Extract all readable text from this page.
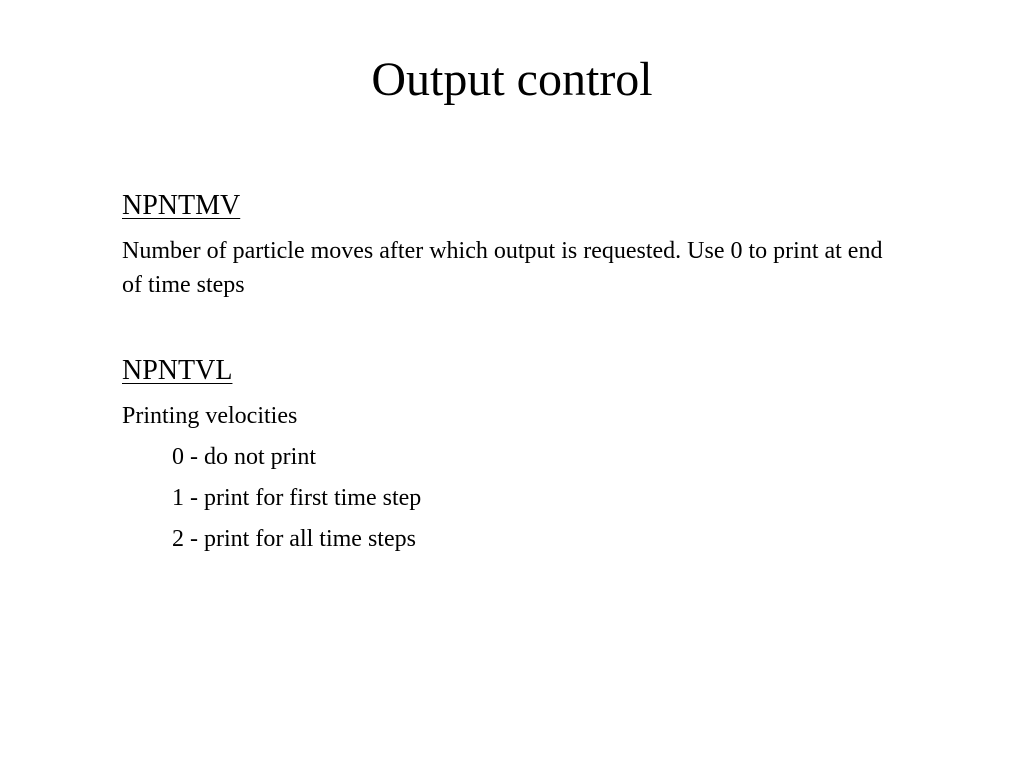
Output control

NPNTMV

Number of particle moves after which output is requested. Use 0 to print at end of time steps

NPNTVL

Printing velocities

0 - do not print
1 - print for first time step
2 - print for all time steps
